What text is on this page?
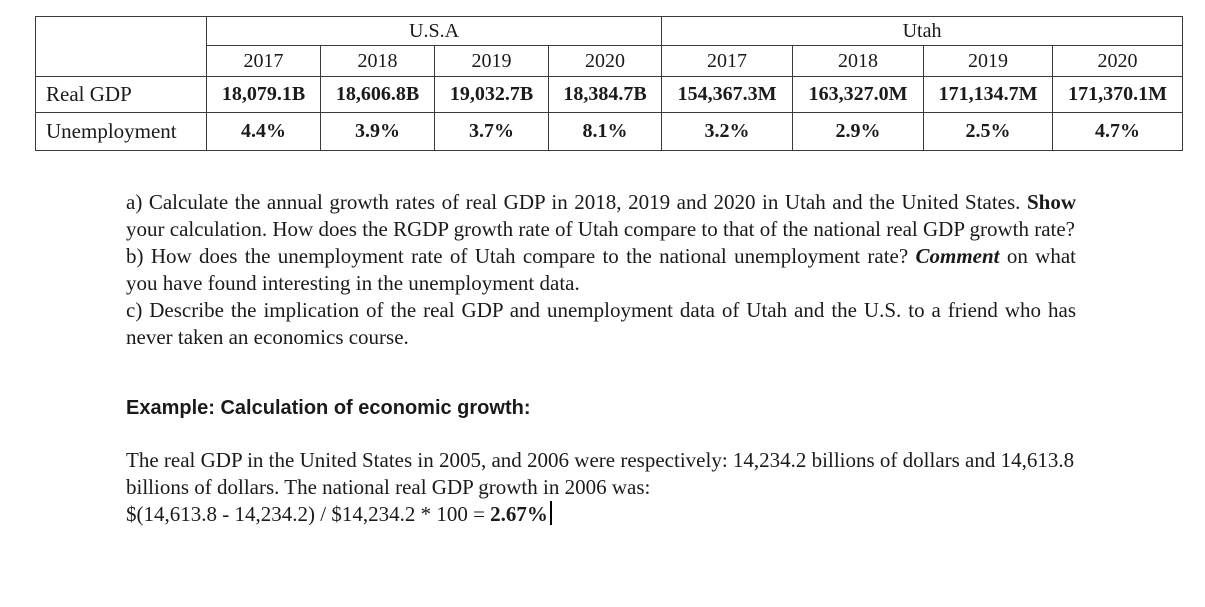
	U.S.A				Utah			
	2017	2018	2019	2020	2017	2018	2019	2020
Real GDP	18,079.1B	18,606.8B	19,032.7B	18,384.7B	154,367.3M	163,327.0M	171,134.7M	171,370.1M
Unemployment	4.4%	3.9%	3.7%	8.1%	3.2%	2.9%	2.5%	4.7%

a) Calculate the annual growth rates of real GDP in 2018, 2019 and 2020 in Utah and the United States. Show your calculation. How does the RGDP growth rate of Utah compare to that of the national real GDP growth rate?

b) How does the unemployment rate of Utah compare to the national unemployment rate? Comment on what you have found interesting in the unemployment data.

c) Describe the implication of the real GDP and unemployment data of Utah and the U.S. to a friend who has never taken an economics course.

Example: Calculation of economic growth:

The real GDP in the United States in 2005, and 2006 were respectively: 14,234.2 billions of dollars and 14,613.8 billions of dollars. The national real GDP growth in 2006 was:

$(14,613.8 - 14,234.2) / $14,234.2 * 100 = 2.67%
